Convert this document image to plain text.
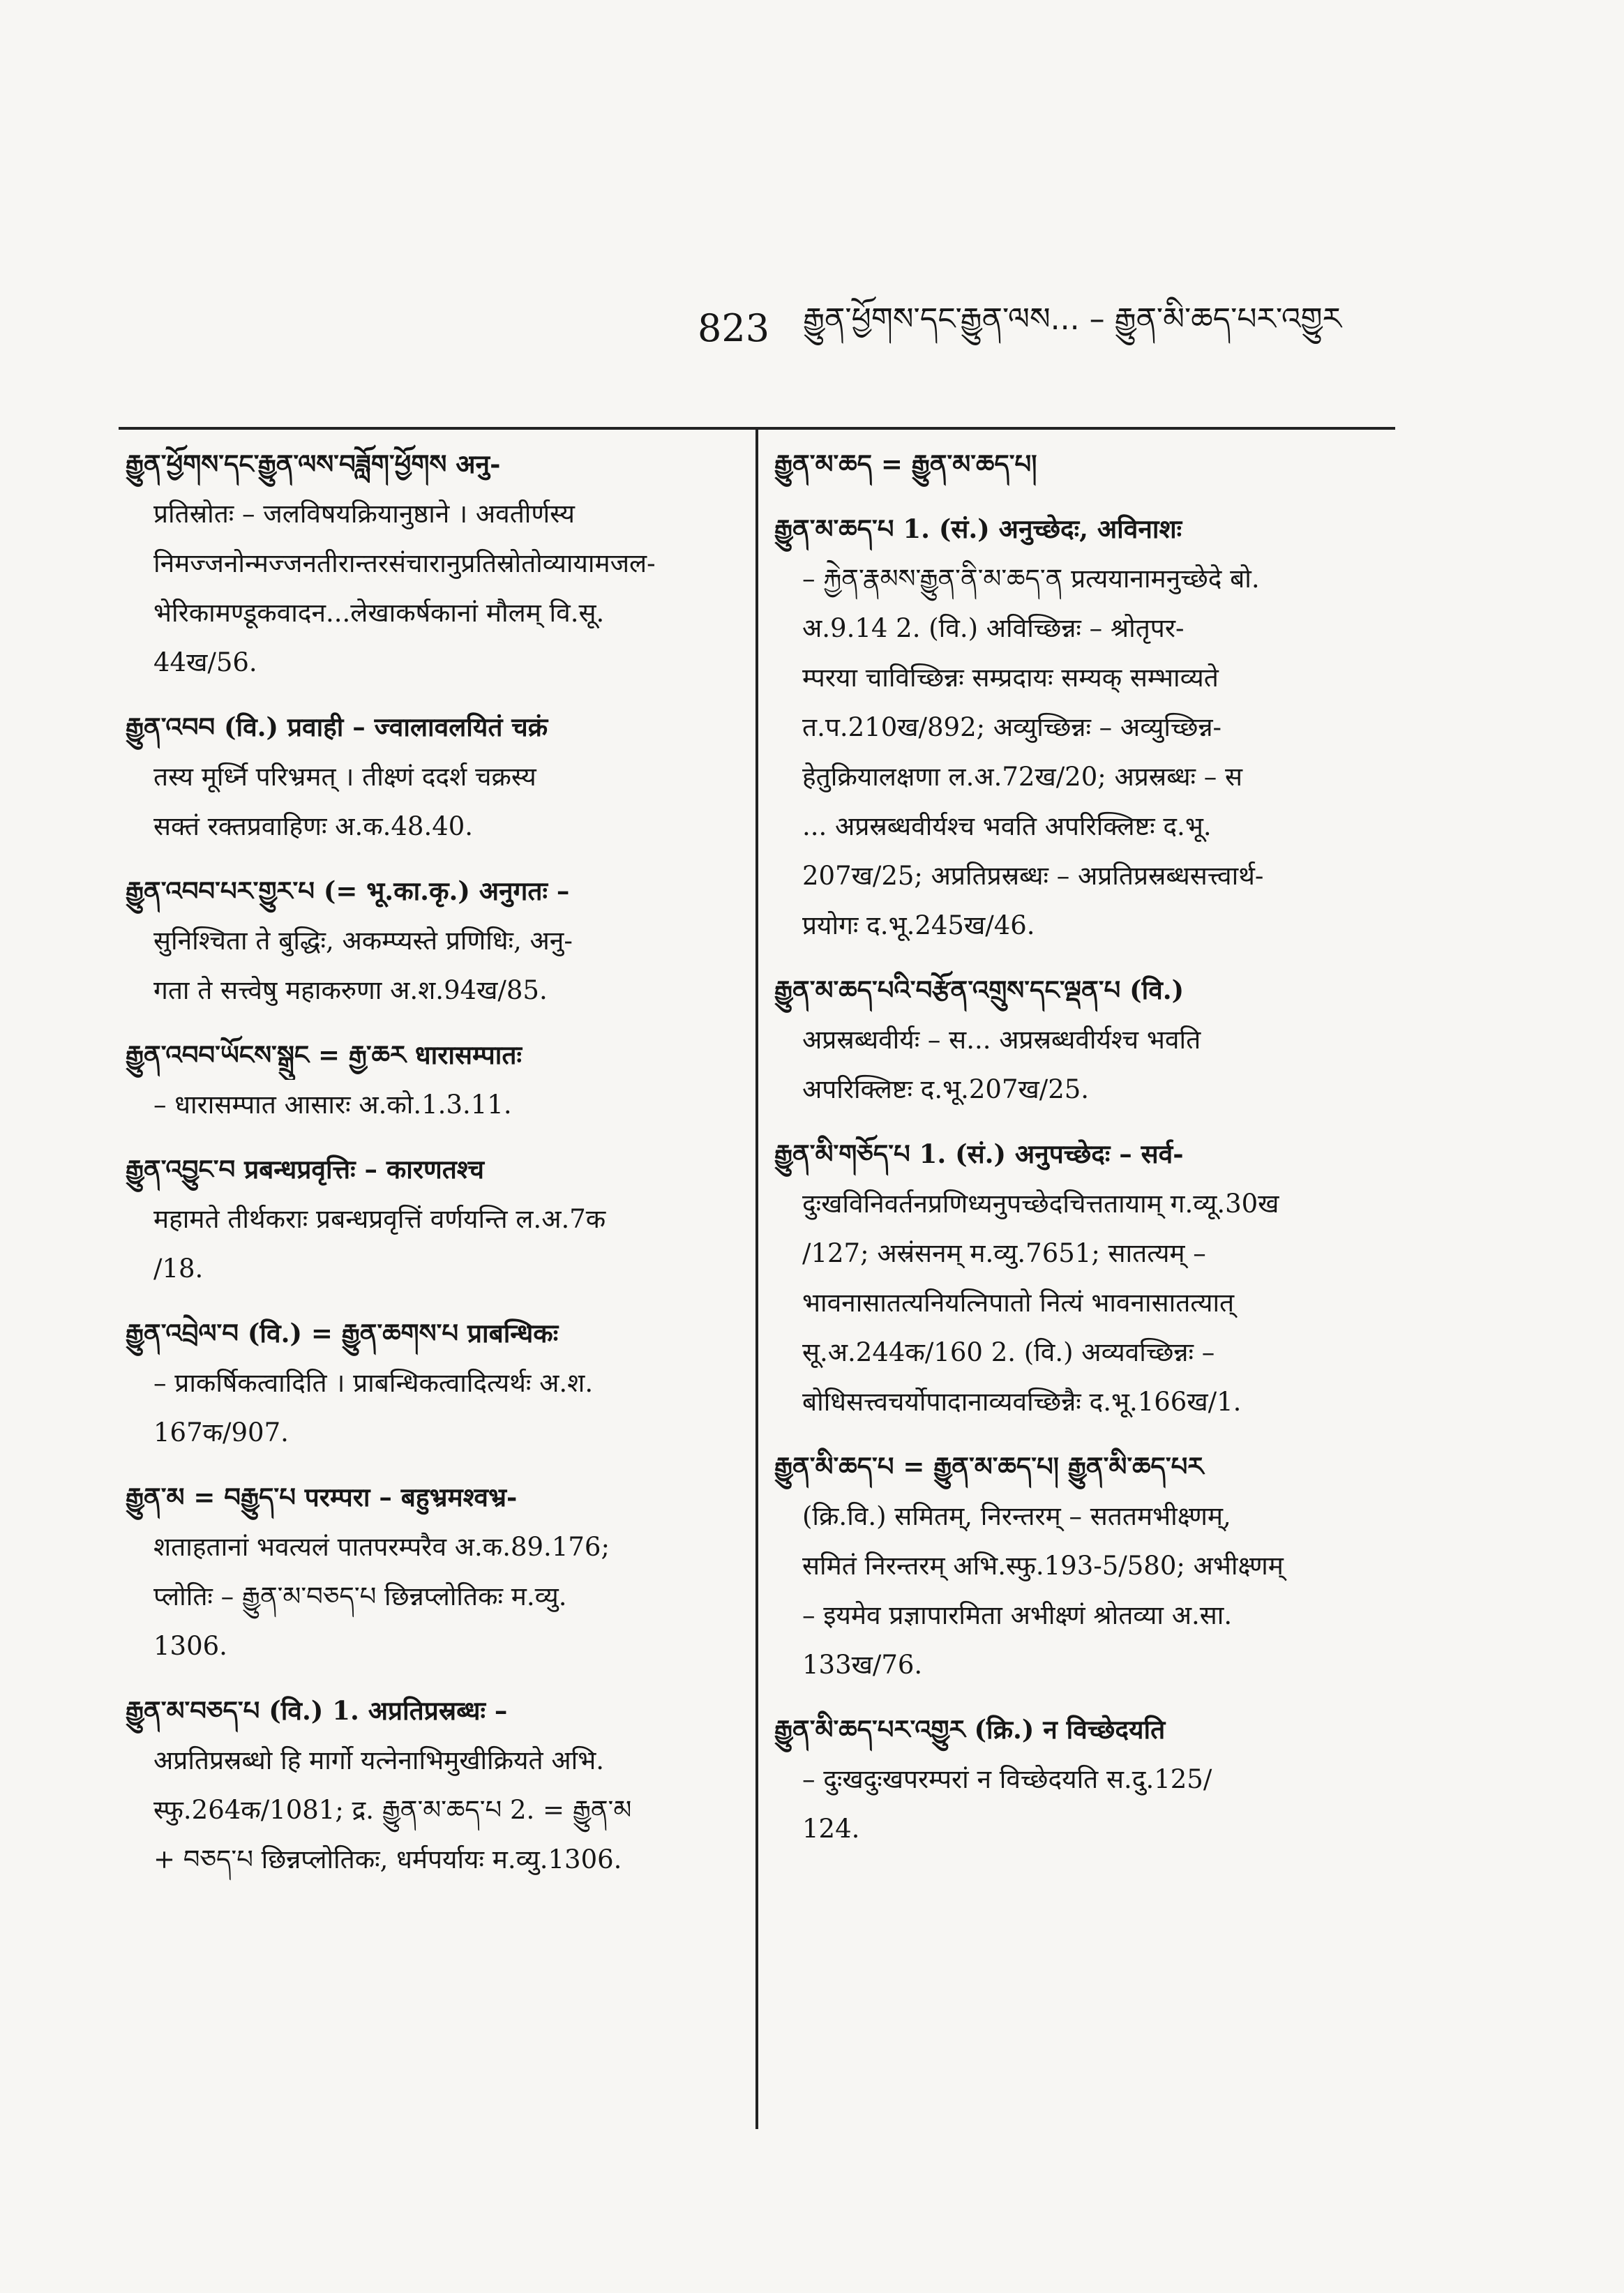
823 རྒྱུན་ཕྱོགས་དང་རྒྱུན་ལས... – རྒྱུན་མི་ཆད་པར་འགྱུར
རྒྱུན་ཕྱོགས་དང་རྒྱུན་ལས་བཟློག་ཕྱོགས अनु-
प्रतिस्रोतः – जलविषयक्रियानुष्ठाने । अवतीर्णस्य
निमज्जनोन्मज्जनतीरान्तरसंचारानुप्रतिस्रोतोव्यायामजल-
भेरिकामण्डूकवादन...लेखाकर्षकानां मौलम् वि.सू.
44ख/56.
རྒྱུན་འབབ (वि.) प्रवाही – ज्वालावलयितं चक्रं
तस्य मूर्ध्नि परिभ्रमत् । तीक्ष्णं ददर्श चक्रस्य
सक्तं रक्तप्रवाहिणः अ.क.48.40.
རྒྱུན་འབབ་པར་གྱུར་པ (= भू.का.कृ.) अनुगतः –
सुनिश्चिता ते बुद्धिः, अकम्प्यस्ते प्रणिधिः, अनु-
गता ते सत्त्वेषु महाकरुणा अ.श.94ख/85.
རྒྱུན་འབབ་ཡོངས་སྒྲུང = རྒྱ་ཆར धारासम्पातः
– धारासम्पात आसारः अ.को.1.3.11.
རྒྱུན་འབྱུང་བ प्रबन्धप्रवृत्तिः – कारणतश्च
महामते तीर्थकराः प्रबन्धप्रवृत्तिं वर्णयन्ति ल.अ.7क
/18.
རྒྱུན་འབྲེལ་བ (वि.) = རྒྱུན་ཆགས་པ प्राबन्धिकः
– प्राकर्षिकत्वादिति । प्राबन्धिकत्वादित्यर्थः अ.श.
167क/907.
རྒྱུན་མ = བརྒྱུད་པ परम्परा – बहुभ्रमश्वभ्र-
शताहतानां भवत्यलं पातपरम्परैव अ.क.89.176;
प्लोतिः – རྒྱུན་མ་བཅད་པ छिन्नप्लोतिकः म.व्यु.
1306.
རྒྱུན་མ་བཅད་པ (वि.) 1. अप्रतिप्रस्रब्धः –
अप्रतिप्रस्रब्धो हि मार्गो यत्नेनाभिमुखीक्रियते अभि.
स्फु.264क/1081; द्र. རྒྱུན་མ་ཆད་པ 2. = རྒྱུན་མ
+ བཅད་པ छिन्नप्लोतिकः, धर्मपर्यायः म.व्यु.1306.
རྒྱུན་མ་ཆད = རྒྱུན་མ་ཆད་པ།
རྒྱུན་མ་ཆད་པ 1. (सं.) अनुच्छेदः, अविनाशः
– རྐྱེན་རྣམས་རྒྱུན་ནི་མ་ཆད་ན प्रत्ययानामनुच्छेदे बो.
अ.9.14 2. (वि.) अविच्छिन्नः – श्रोतृपर-
म्परया चाविच्छिन्नः सम्प्रदायः सम्यक् सम्भाव्यते
त.प.210ख/892; अव्युच्छिन्नः – अव्युच्छिन्न-
हेतुक्रियालक्षणा ल.अ.72ख/20; अप्रस्रब्धः – स
... अप्रस्रब्धवीर्यश्च भवति अपरिक्लिष्टः द.भू.
207ख/25; अप्रतिप्रस्रब्धः – अप्रतिप्रस्रब्धसत्त्वार्थ-
प्रयोगः द.भू.245ख/46.
རྒྱུན་མ་ཆད་པའི་བརྩོན་འགྲུས་དང་ལྡན་པ (वि.)
अप्रस्रब्धवीर्यः – स... अप्रस्रब्धवीर्यश्च भवति
अपरिक्लिष्टः द.भू.207ख/25.
རྒྱུན་མི་གཅོད་པ 1. (सं.) अनुपच्छेदः – सर्व-
दुःखविनिवर्तनप्रणिध्यनुपच्छेदचित्ततायाम् ग.व्यू.30ख
/127; अस्रंसनम् म.व्यु.7651; सातत्यम् –
भावनासातत्यनियत्निपातो नित्यं भावनासातत्यात्
सू.अ.244क/160 2. (वि.) अव्यवच्छिन्नः –
बोधिसत्त्वचर्योपादानाव्यवच्छिन्नैः द.भू.166ख/1.
རྒྱུན་མི་ཆད་པ = རྒྱུན་མ་ཆད་པ། རྒྱུན་མི་ཆད་པར
(क्रि.वि.) समितम्, निरन्तरम् – सततमभीक्ष्णम्,
समितं निरन्तरम् अभि.स्फु.193-5/580; अभीक्ष्णम्
– इयमेव प्रज्ञापारमिता अभीक्ष्णं श्रोतव्या अ.सा.
133ख/76.
རྒྱུན་མི་ཆད་པར་འགྱུར (क्रि.) न विच्छेदयति
– दुःखदुःखपरम्परां न विच्छेदयति स.दु.125/
124.
